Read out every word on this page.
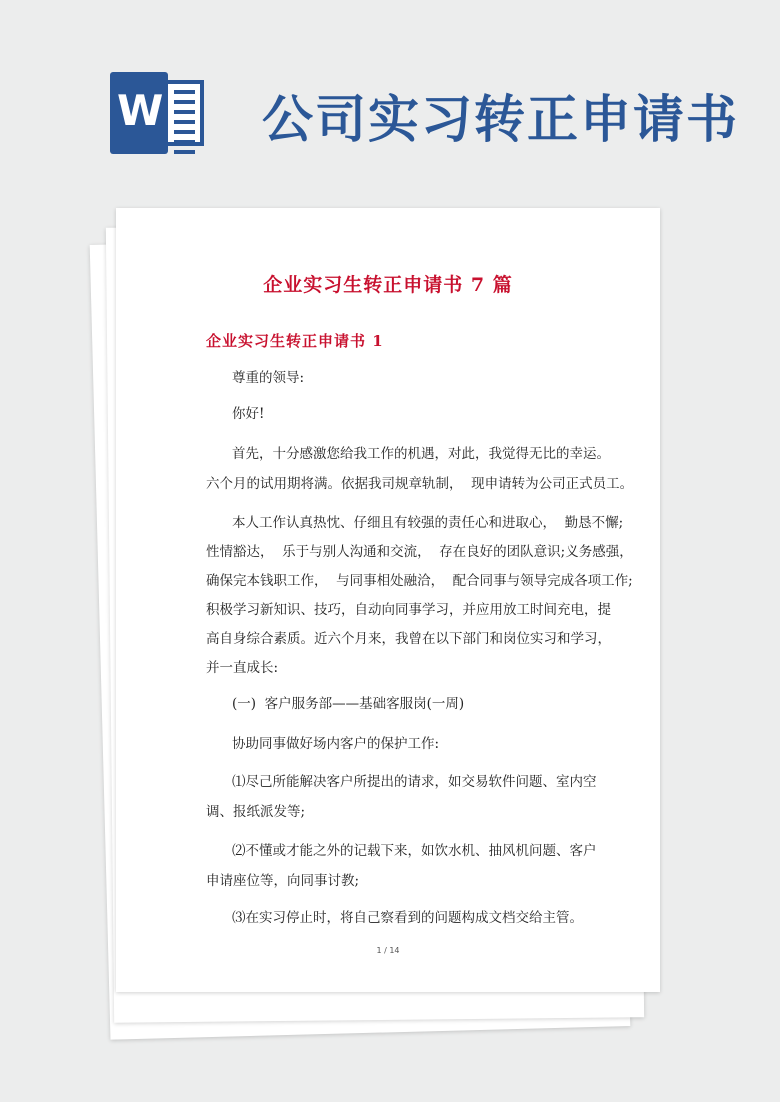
W 公司实习转正申请书
企业实习生转正申请书 7 篇
企业实习生转正申请书 1
尊重的领导:
你好!
首先，十分感激您给我工作的机遇，对此，我觉得无比的幸运。
六个月的试用期将满。依据我司规章轨制，  现申请转为公司正式员工。
本人工作认真热忱、仔细且有较强的责任心和进取心，  勤恳不懈;
性情豁达，  乐于与别人沟通和交流，  存在良好的团队意识;义务感强，
确保完本钱职工作，  与同事相处融洽，  配合同事与领导完成各项工作;
积极学习新知识、技巧，自动向同事学习，并应用放工时间充电，提
高自身综合素质。近六个月来，我曾在以下部门和岗位实习和学习，
并一直成长:
(一)  客户服务部——基础客服岗(一周)
协助同事做好场内客户的保护工作:
⑴尽己所能解决客户所提出的请求，如交易软件问题、室内空
调、报纸派发等;
⑵不懂或才能之外的记载下来，如饮水机、抽风机问题、客户
申请座位等，向同事讨教;
⑶在实习停止时，将自己察看到的问题构成文档交给主管。
1 / 14
